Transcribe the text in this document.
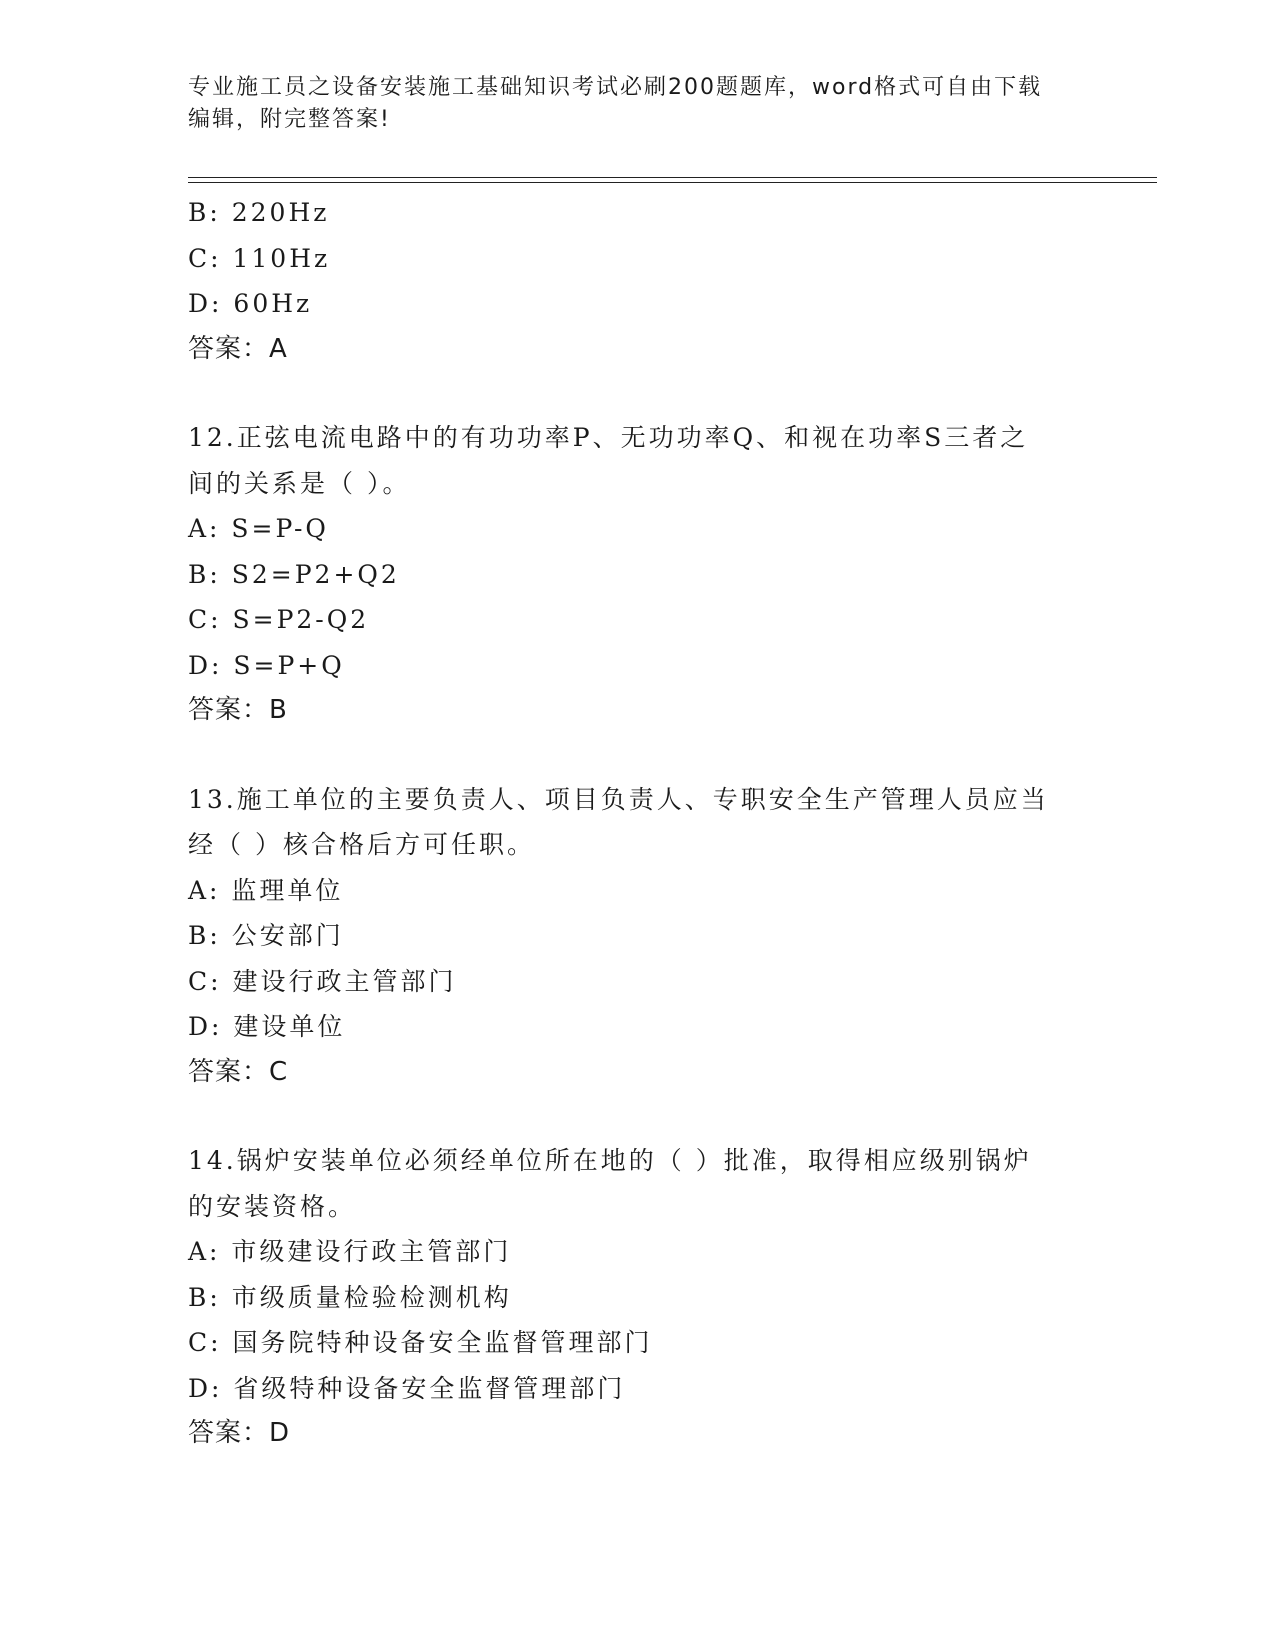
专业施工员之设备安装施工基础知识考试必刷200题题库，word格式可自由下载
编辑，附完整答案!
B: 220Hz
C: 110Hz
D: 60Hz
答案：A
12.正弦电流电路中的有功功率P、无功功率Q、和视在功率S三者之
间的关系是（ ）。
A: S=P-Q
B: S2=P2+Q2
C: S=P2-Q2
D: S=P+Q
答案：B
13.施工单位的主要负责人、项目负责人、专职安全生产管理人员应当
经（ ）核合格后方可任职。
A: 监理单位
B: 公安部门
C: 建设行政主管部门
D: 建设单位
答案：C
14.锅炉安装单位必须经单位所在地的（ ）批准，取得相应级别锅炉
的安装资格。
A: 市级建设行政主管部门
B: 市级质量检验检测机构
C: 国务院特种设备安全监督管理部门
D: 省级特种设备安全监督管理部门
答案：D
